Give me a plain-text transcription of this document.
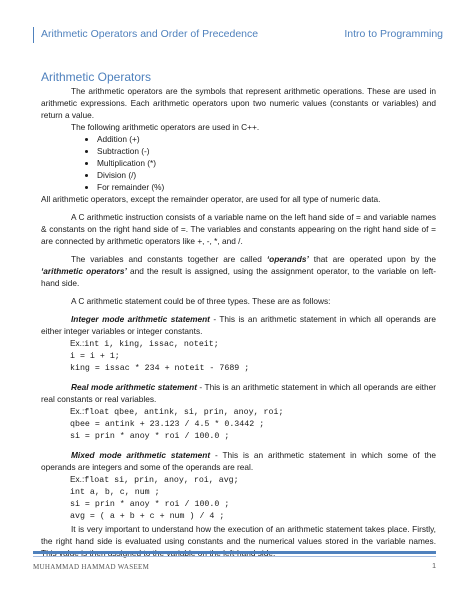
Arithmetic Operators and Order of Precedence	Intro to Programming
Arithmetic Operators

The arithmetic operators are the symbols that represent arithmetic operations. These are used in arithmetic expressions. Each arithmetic operators upon two numeric values (constants or variables) and return a value.

The following arithmetic operators are used in C++.

• Addition (+)
• Subtraction (-)
• Multiplication (*)
• Division (/)
• For remainder (%)

All arithmetic operators, except the remainder operator, are used for all type of numeric data.

A C arithmetic instruction consists of a variable name on the left hand side of = and variable names & constants on the right hand side of =. The variables and constants appearing on the right hand side of = are connected by arithmetic operators like +, -, *, and /.

The variables and constants together are called ‘operands’ that are operated upon by the ‘arithmetic operators’ and the result is assigned, using the assignment operator, to the variable on left-hand side.

A C arithmetic statement could be of three types. These are as follows:

Integer mode arithmetic statement - This is an arithmetic statement in which all operands are either integer variables or integer constants.

Ex.:int i, king, issac, noteit;
i = i + 1;
king = issac * 234 + noteit - 7689 ;

Real mode arithmetic statement - This is an arithmetic statement in which all operands are either real constants or real variables.

Ex.:float qbee, antink, si, prin, anoy, roi;
qbee = antink + 23.123 / 4.5 * 0.3442 ;
si = prin * anoy * roi / 100.0 ;

Mixed mode arithmetic statement - This is an arithmetic statement in which some of the operands are integers and some of the operands are real.

Ex.:float si, prin, anoy, roi, avg;
int a, b, c, num ;
si = prin * anoy * roi / 100.0 ;
avg = ( a + b + c + num ) / 4 ;

It is very important to understand how the execution of an arithmetic statement takes place. Firstly, the right hand side is evaluated using constants and the numerical values stored in the variable names.

MUHAMMAD HAMMAD WASEEM	1
